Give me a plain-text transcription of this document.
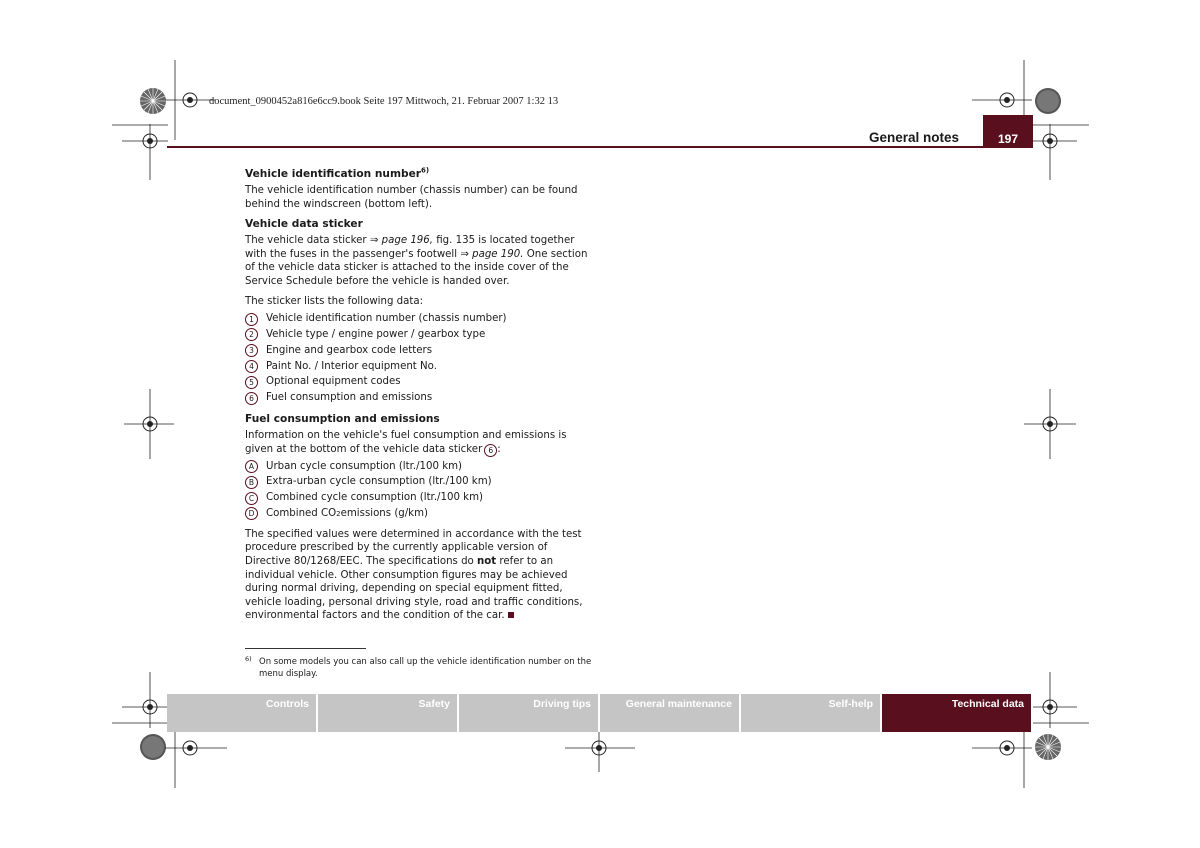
document_0900452a816e6cc9.book Seite 197 Mittwoch, 21. Februar 2007 1:32 13
General notes	197
Vehicle identification number$^{6)}$

The vehicle identification number (chassis number) can be found behind the windscreen (bottom left).

Vehicle data sticker

The vehicle data sticker ⇒ page 196, fig. 135 is located together with the fuses in the passenger's footwell ⇒ page 190. One section of the vehicle data sticker is attached to the inside cover of the Service Schedule before the vehicle is handed over.

The sticker lists the following data:

1	Vehicle identification number (chassis number)
2	Vehicle type / engine power / gearbox type
3	Engine and gearbox code letters
4	Paint No. / Interior equipment No.
5	Optional equipment codes
6	Fuel consumption and emissions
Fuel consumption and emissions

Information on the vehicle's fuel consumption and emissions is given at the bottom of the vehicle data sticker 6 :

A	Urban cycle consumption (ltr./100 km)
B	Extra-urban cycle consumption (ltr./100 km)
C	Combined cycle consumption (ltr./100 km)
D	Combined CO 2 emissions (g/km)

The specified values were determined in accordance with the test procedure prescribed by the currently applicable version of Directive 80/1268/EEC. The specifications do not refer to an individual vehicle. Other consumption figures may be achieved during normal driving, depending on special equipment fitted, vehicle loading, personal driving style, road and traffic conditions, environmental factors and the condition of the car.

6) On some models you can also call up the vehicle identification number on the menu display.
Controls	Safety	Driving tips	General maintenance	Self-help	Technical data
